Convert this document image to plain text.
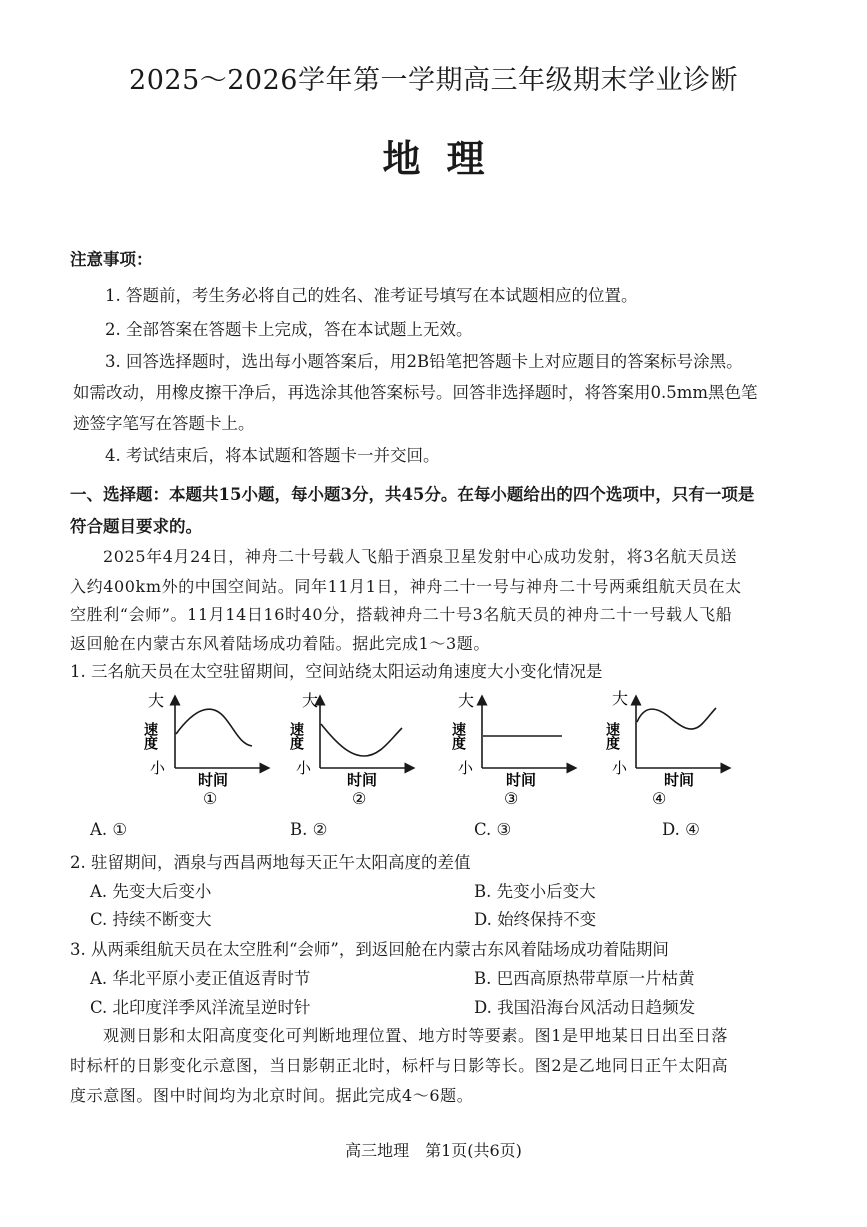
2025～2026学年第一学期高三年级期末学业诊断
地理
注意事项：
1. 答题前，考生务必将自己的姓名、准考证号填写在本试题相应的位置。
2. 全部答案在答题卡上完成，答在本试题上无效。
3. 回答选择题时，选出每小题答案后，用2B铅笔把答题卡上对应题目的答案标号涂黑。
如需改动，用橡皮擦干净后，再选涂其他答案标号。回答非选择题时，将答案用0.5mm黑色笔
迹签字笔写在答题卡上。
4. 考试结束后，将本试题和答题卡一并交回。
一、选择题：本题共15小题，每小题3分，共45分。在每小题给出的四个选项中，只有一项是
符合题目要求的。
2025年4月24日，神舟二十号载人飞船于酒泉卫星发射中心成功发射，将3名航天员送
入约400km外的中国空间站。同年11月1日，神舟二十一号与神舟二十号两乘组航天员在太
空胜利“会师”。11月14日16时40分，搭载神舟二十号3名航天员的神舟二十一号载人飞船
返回舱在内蒙古东风着陆场成功着陆。据此完成1～3题。
1. 三名航天员在太空驻留期间，空间站绕太阳运动角速度大小变化情况是
大
小
速度
时间
①
大
小
速度
时间
②
大
小
速度
时间
③
大
小
速度
时间
④
A. ①	B. ②	C. ③	D. ④
2. 驻留期间，酒泉与西昌两地每天正午太阳高度的差值
A. 先变大后变小	B. 先变小后变大
C. 持续不断变大	D. 始终保持不变
3. 从两乘组航天员在太空胜利“会师”，到返回舱在内蒙古东风着陆场成功着陆期间
A. 华北平原小麦正值返青时节	B. 巴西高原热带草原一片枯黄
C. 北印度洋季风洋流呈逆时针	D. 我国沿海台风活动日趋频发
观测日影和太阳高度变化可判断地理位置、地方时等要素。图1是甲地某日日出至日落
时标杆的日影变化示意图，当日影朝正北时，标杆与日影等长。图2是乙地同日正午太阳高
度示意图。图中时间均为北京时间。据此完成4～6题。
高三地理　第1页(共6页)
